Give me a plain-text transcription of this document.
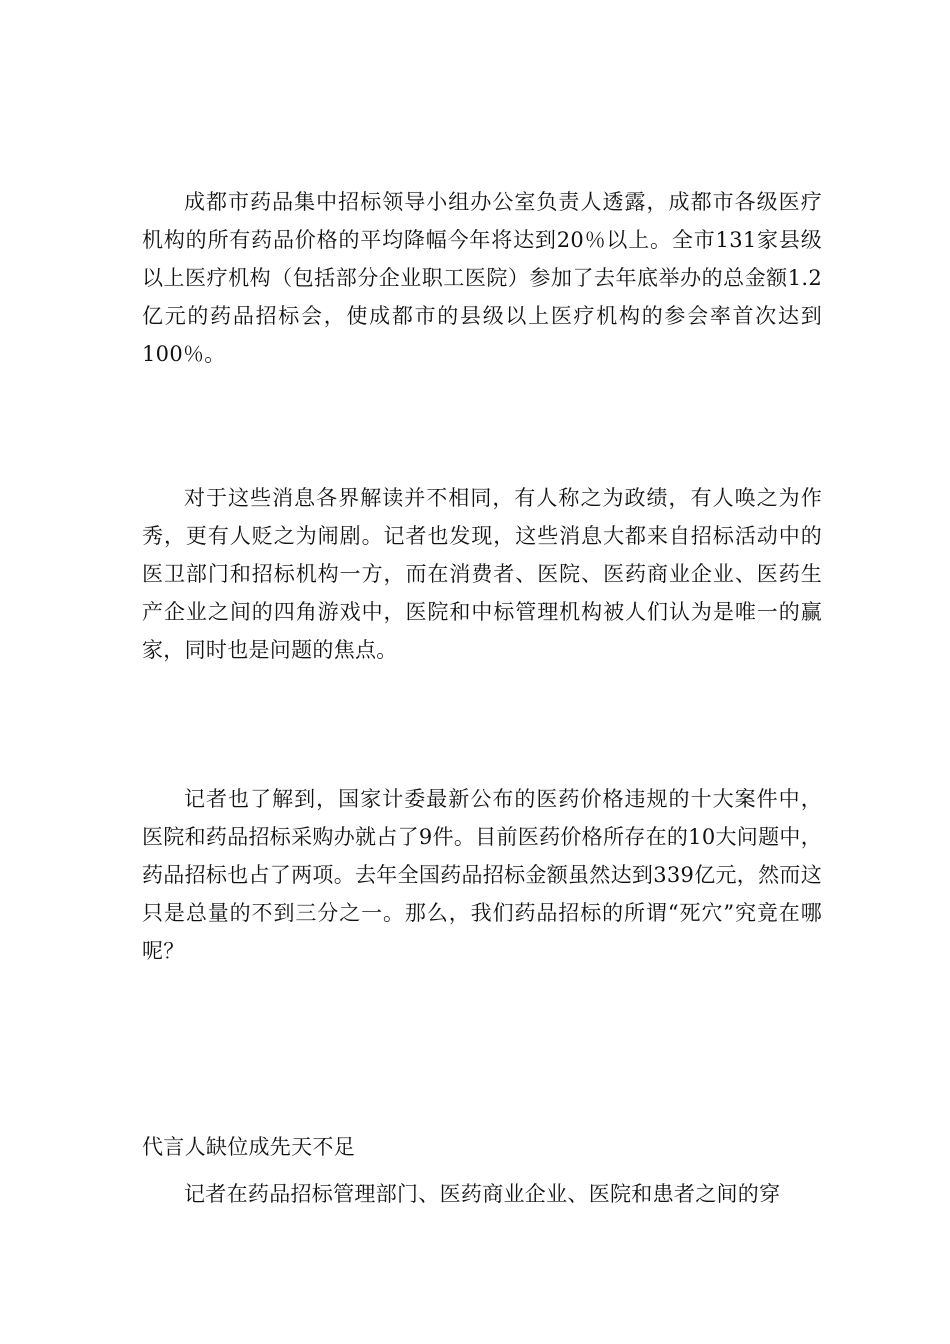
成都市药品集中招标领导小组办公室负责人透露，成都市各级医疗机构的所有药品价格的平均降幅今年将达到20％以上。全市131家县级以上医疗机构（包括部分企业职工医院）参加了去年底举办的总金额1.2亿元的药品招标会，使成都市的县级以上医疗机构的参会率首次达到100％。

对于这些消息各界解读并不相同，有人称之为政绩，有人唤之为作秀，更有人贬之为闹剧。记者也发现，这些消息大都来自招标活动中的医卫部门和招标机构一方，而在消费者、医院、医药商业企业、医药生产企业之间的四角游戏中，医院和中标管理机构被人们认为是唯一的赢家，同时也是问题的焦点。

记者也了解到，国家计委最新公布的医药价格违规的十大案件中，医院和药品招标采购办就占了9件。目前医药价格所存在的10大问题中，药品招标也占了两项。去年全国药品招标金额虽然达到339亿元，然而这只是总量的不到三分之一。那么，我们药品招标的所谓“死穴”究竟在哪呢？

代言人缺位成先天不足

记者在药品招标管理部门、医药商业企业、医院和患者之间的穿
